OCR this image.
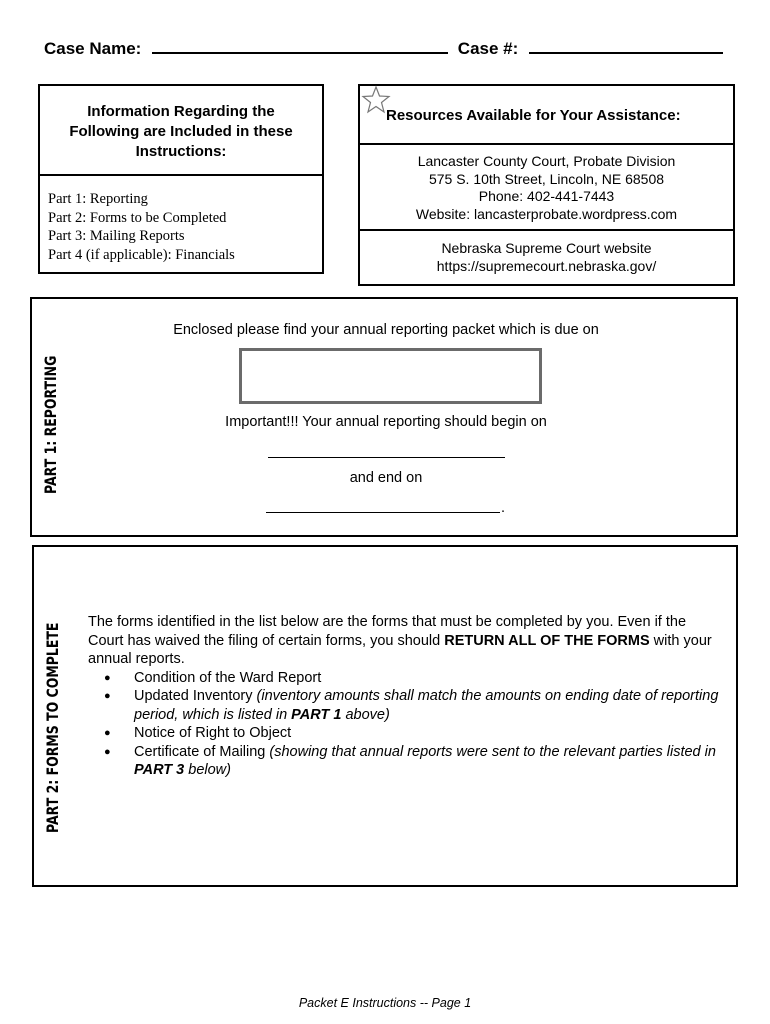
Case Name:	Case #:
Information Regarding the Following are Included in these Instructions:
Part 1: Reporting
Part 2: Forms to be Completed
Part 3: Mailing Reports
Part 4 (if applicable): Financials
Resources Available for Your Assistance:
Lancaster County Court, Probate Division
575 S. 10th Street, Lincoln, NE 68508
Phone: 402-441-7443
Website: lancasterprobate.wordpress.com
Nebraska Supreme Court website
https://supremecourt.nebraska.gov/
PART 1: REPORTING
Enclosed please find your annual reporting packet which is due on
Important!!! Your annual reporting should begin on
and end on
.
PART 2: FORMS TO COMPLETE
The forms identified in the list below are the forms that must be completed by you. Even if the Court has waived the filing of certain forms, you should RETURN ALL OF THE FORMS with your annual reports.
● Condition of the Ward Report
● Updated Inventory (inventory amounts shall match the amounts on ending date of reporting period, which is listed in PART 1 above)
● Notice of Right to Object
● Certificate of Mailing (showing that annual reports were sent to the relevant parties listed in PART 3 below)
Packet E Instructions -- Page 1
